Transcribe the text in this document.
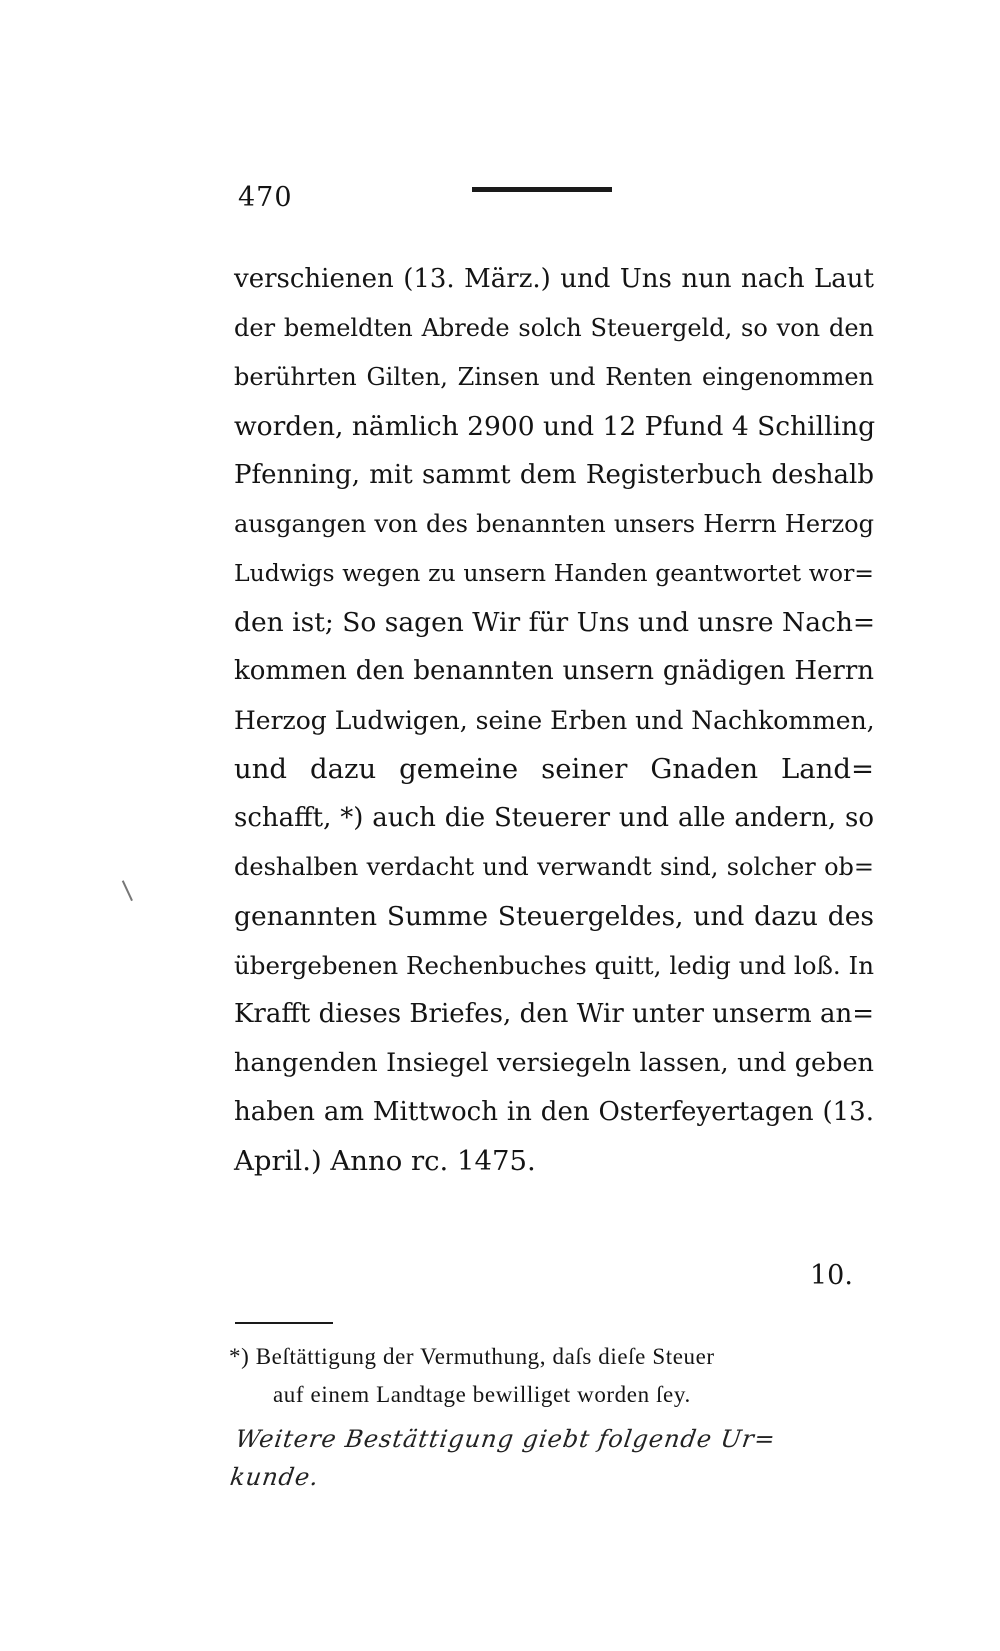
470
verschienen (13. März.) und Uns nun nach Laut
der bemeldten Abrede solch Steuergeld, so von den
berührten Gilten, Zinsen und Renten eingenommen
worden, nämlich 2900 und 12 Pfund 4 Schilling
Pfenning, mit sammt dem Registerbuch deshalb
ausgangen von des benannten unsers Herrn Herzog
Ludwigs wegen zu unsern Handen geantwortet wor=
den ist; So sagen Wir für Uns und unsre Nach=
kommen den benannten unsern gnädigen Herrn
Herzog Ludwigen, seine Erben und Nachkommen,
und dazu gemeine seiner Gnaden Land=
schafft, *) auch die Steuerer und alle andern, so
deshalben verdacht und verwandt sind, solcher ob=
genannten Summe Steuergeldes, und dazu des
übergebenen Rechenbuches quitt, ledig und loß. In
Krafft dieses Briefes, den Wir unter unserm an=
hangenden Insiegel versiegeln lassen, und geben
haben am Mittwoch in den Osterfeyertagen (13.
April.) Anno rc. 1475.
10.
*) Beſtättigung der Vermuthung, daſs dieſe Steuer
auf einem Landtage bewilliget worden ſey.
Weitere Bestättigung giebt folgende Ur=
kunde.
